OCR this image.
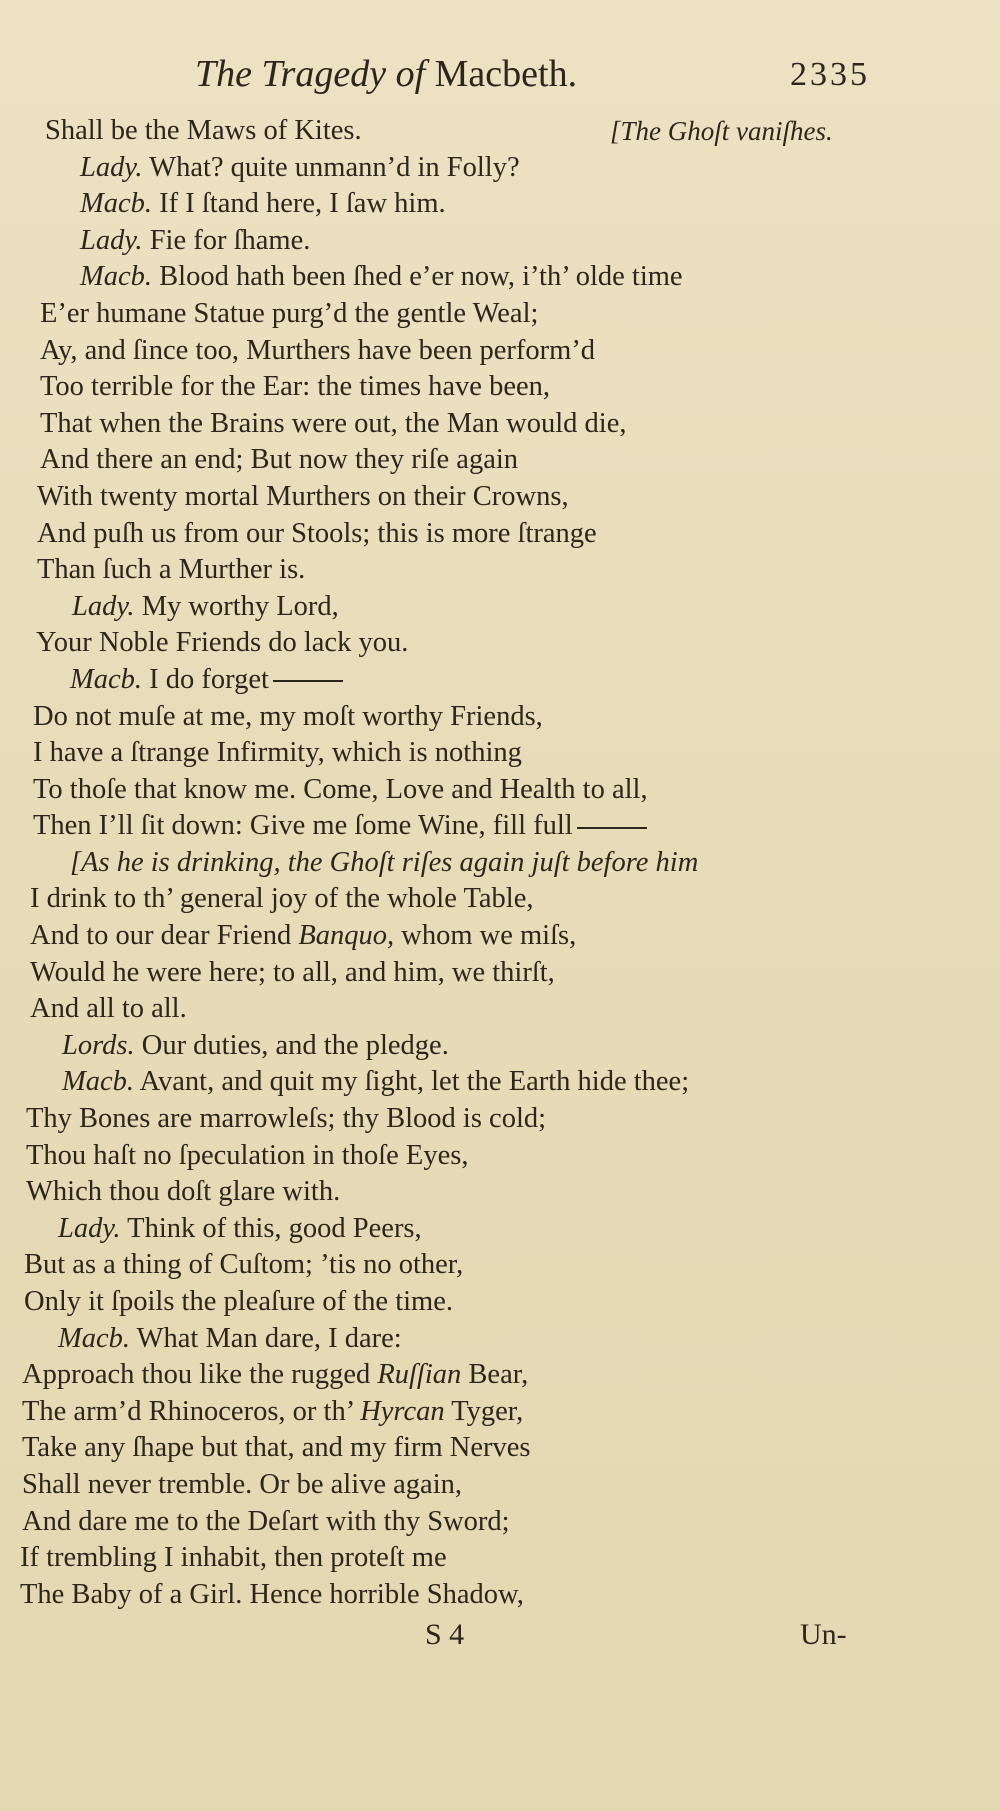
The Tragedy of Macbeth.	2335
Shall be the Maws of Kites.	[The Ghoſt vaniſhes.
Lady. What? quite unmann’d in Folly?
Macb. If I ſtand here, I ſaw him.
Lady. Fie for ſhame.
Macb. Blood hath been ſhed e’er now, i’th’ olde time
E’er humane Statue purg’d the gentle Weal;
Ay, and ſince too, Murthers have been perform’d
Too terrible for the Ear: the times have been,
That when the Brains were out, the Man would die,
And there an end; But now they riſe again
With twenty mortal Murthers on their Crowns,
And puſh us from our Stools; this is more ſtrange
Than ſuch a Murther is.
Lady. My worthy Lord,
Your Noble Friends do lack you.
Macb. I do forget
Do not muſe at me, my moſt worthy Friends,
I have a ſtrange Infirmity, which is nothing
To thoſe that know me. Come, Love and Health to all,
Then I’ll ſit down: Give me ſome Wine, fill full
[As he is drinking, the Ghoſt riſes again juſt before him
I drink to th’ general joy of the whole Table,
And to our dear Friend Banquo, whom we miſs,
Would he were here; to all, and him, we thirſt,
And all to all.
Lords. Our duties, and the pledge.
Macb. Avant, and quit my ſight, let the Earth hide thee;
Thy Bones are marrowleſs; thy Blood is cold;
Thou haſt no ſpeculation in thoſe Eyes,
Which thou doſt glare with.
Lady. Think of this, good Peers,
But as a thing of Cuſtom; ’tis no other,
Only it ſpoils the pleaſure of the time.
Macb. What Man dare, I dare:
Approach thou like the rugged Ruſſian Bear,
The arm’d Rhinoceros, or th’ Hyrcan Tyger,
Take any ſhape but that, and my firm Nerves
Shall never tremble. Or be alive again,
And dare me to the Deſart with thy Sword;
If trembling I inhabit, then proteſt me
The Baby of a Girl. Hence horrible Shadow,
S 4	Un-
